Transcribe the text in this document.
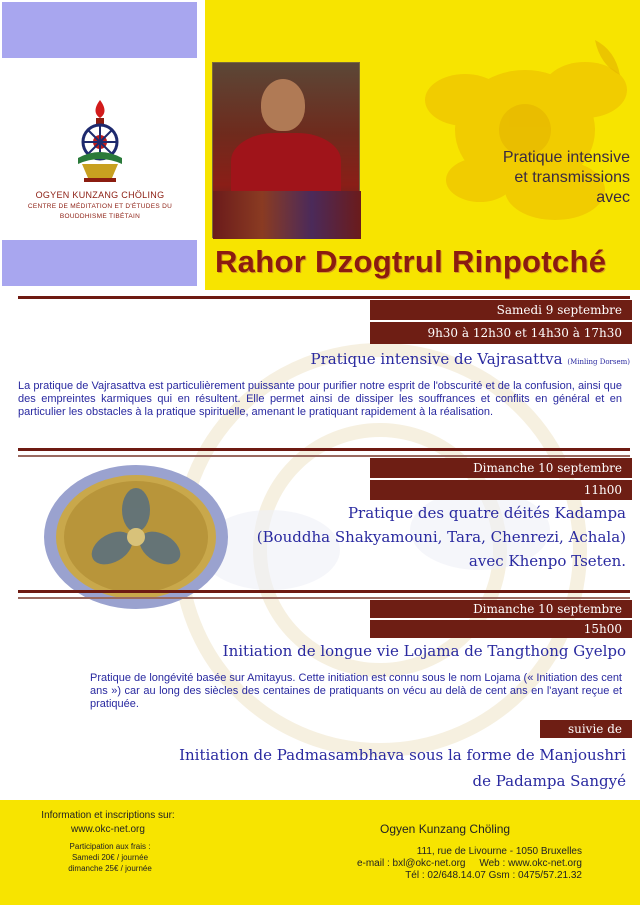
OGYEN KUNZANG CHÖLING
CENTRE DE MÉDITATION ET D'ÉTUDES DU
BOUDDHISME TIBÉTAIN
Pratique intensive
et transmissions
avec
Rahor Dzogtrul Rinpotché
Samedi 9 septembre
9h30 à 12h30 et 14h30 à 17h30
Pratique intensive de Vajrasattva (Minling Dorsem)
La pratique de Vajrasattva est particulièrement puissante pour purifier notre esprit de l'obscurité et de la confusion, ainsi que des empreintes karmiques qui en résultent. Elle permet ainsi de dissiper les souffrances et conflits en général et en particulier les obstacles à la pratique spirituelle, amenant le pratiquant rapidement à la réalisation.
Dimanche 10 septembre
11h00
Pratique des quatre déités Kadampa
(Bouddha Shakyamouni, Tara, Chenrezi, Achala)
avec Khenpo Tseten.
Dimanche 10 septembre
15h00
Initiation de longue vie Lojama de Tangthong Gyelpo
Pratique de longévité basée sur Amitayus. Cette initiation est connu sous le nom Lojama (« Initiation des cent ans ») car au long des siècles des centaines de pratiquants on vécu au delà de cent ans en l'ayant reçue et pratiquée.
suivie de
Initiation de Padmasambhava sous la forme de Manjoushri
de Padampa Sangyé
Information et inscriptions sur:
www.okc-net.org
Participation aux frais :
Samedi 20€ / journée
dimanche 25€ / journée
Ogyen Kunzang Chöling
111, rue de Livourne - 1050 Bruxelles
e-mail : bxl@okc-net.org     Web : www.okc-net.org
Tél : 02/648.14.07 Gsm : 0475/57.21.32
